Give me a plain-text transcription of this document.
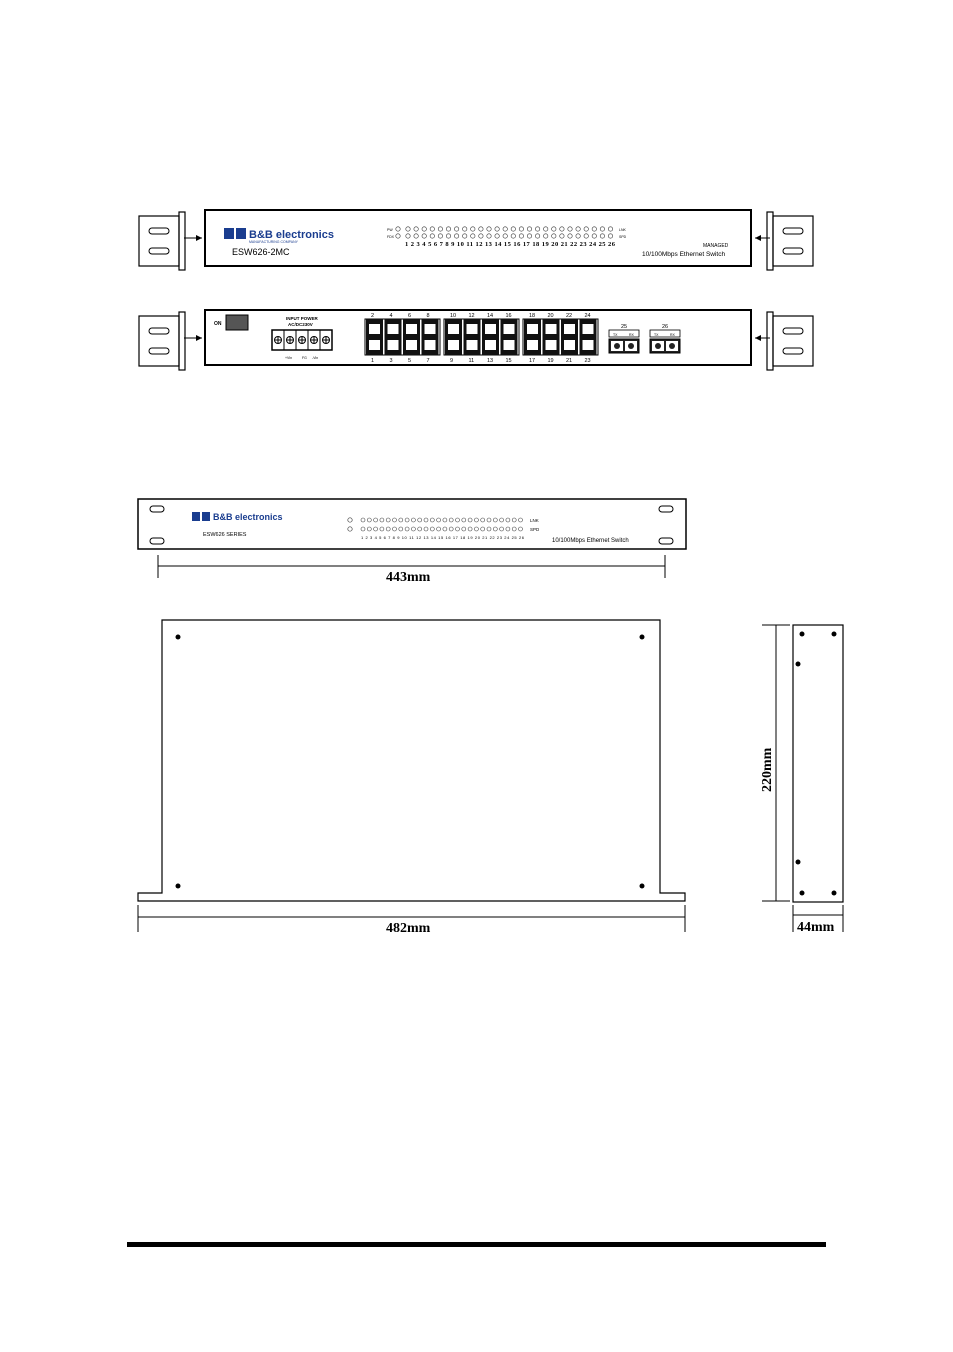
B&B electronics
MANUFACTURING COMPANY
ESW626-2MC
PW
FDX
LNK
SPD
1 2 3 4 5 6 7 8 9 10 11 12 13 14 15 16 17 18 19 20 21 22 23 24 25 26	MANAGED
10/100Mbps Ethernet Switch
ON
INPUT POWER
AC/DC230V
+Vin	FG -Vin
2	4	6	8	10 12 14 16	18 20 22 24
1	3	5	7	9	11 13 15	17 19 21 23
25
TX	RX
26
TX	RX
B&B electronics
ESW626 SERIES
LNK
SPD
1 2 3 4 5 6 7 8 9 10 11 12 13 14 15 16 17 18 19 20 21 22 23 24 25 26
10/100Mbps Ethernet Switch
443mm
482mm
220mm
44mm
